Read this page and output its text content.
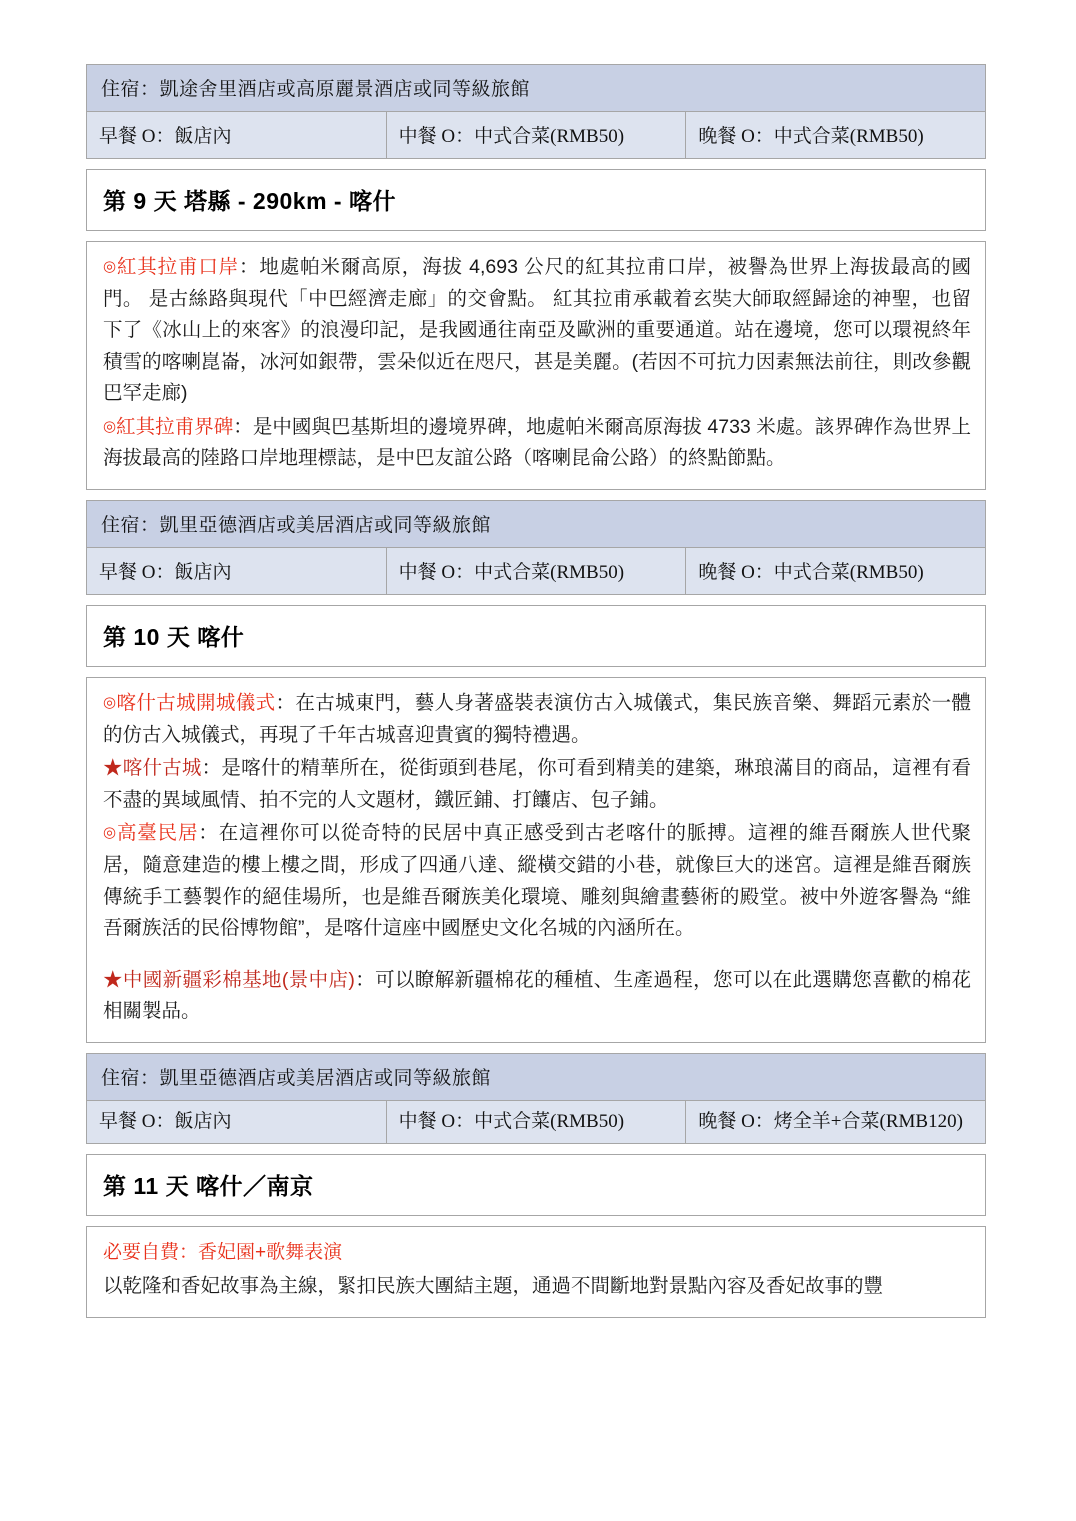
住宿：凱途舍里酒店或高原麗景酒店或同等級旅館
早餐 O：飯店內	中餐 O：中式合菜(RMB50)	晚餐 O：中式合菜(RMB50)
第 9 天 塔縣 - 290km - 喀什

◎紅其拉甫口岸：地處帕米爾高原，海拔 4,693 公尺的紅其拉甫口岸，被譽為世界上海拔最高的國門。 是古絲路與現代「中巴經濟走廊」的交會點。 紅其拉甫承載着玄奘大師取經歸途的神聖，也留下了《冰山上的來客》的浪漫印記，是我國通往南亞及歐洲的重要通道。站在邊境，您可以環視終年積雪的喀喇崑崙，冰河如銀帶，雲朵似近在咫尺，甚是美麗。(若因不可抗力因素無法前往，則改參觀巴罕走廊)

◎紅其拉甫界碑：是中國與巴基斯坦的邊境界碑，地處帕米爾高原海拔 4733 米處。該界碑作為世界上海拔最高的陸路口岸地理標誌，是中巴友誼公路（喀喇昆侖公路）的終點節點。

住宿：凱里亞德酒店或美居酒店或同等級旅館
早餐 O：飯店內	中餐 O：中式合菜(RMB50)	晚餐 O：中式合菜(RMB50)
第 10 天 喀什

◎喀什古城開城儀式：在古城東門，藝人身著盛裝表演仿古入城儀式，集民族音樂、舞蹈元素於一體的仿古入城儀式，再現了千年古城喜迎貴賓的獨特禮遇。

★喀什古城：是喀什的精華所在，從街頭到巷尾，你可看到精美的建築，琳琅滿目的商品，這裡有看不盡的異域風情、拍不完的人文題材，鐵匠鋪、打饢店、包子鋪。

◎高臺民居：在這裡你可以從奇特的民居中真正感受到古老喀什的脈搏。這裡的維吾爾族人世代聚居，隨意建造的樓上樓之間，形成了四通八達、縱橫交錯的小巷，就像巨大的迷宮。這裡是維吾爾族傳統手工藝製作的絕佳場所，也是維吾爾族美化環境、雕刻與繪畫藝術的殿堂。被中外遊客譽為 “維吾爾族活的民俗博物館”，是喀什這座中國歷史文化名城的內涵所在。

★中國新疆彩棉基地(景中店)：可以瞭解新疆棉花的種植、生產過程，您可以在此選購您喜歡的棉花相關製品。

住宿：凱里亞德酒店或美居酒店或同等級旅館
早餐 O：飯店內	中餐 O：中式合菜(RMB50)	晚餐 O：烤全羊+合菜(RMB120)
第 11 天 喀什／南京

必要自費：香妃園+歌舞表演

以乾隆和香妃故事為主線，緊扣民族大團結主題，通過不間斷地對景點內容及香妃故事的豐
